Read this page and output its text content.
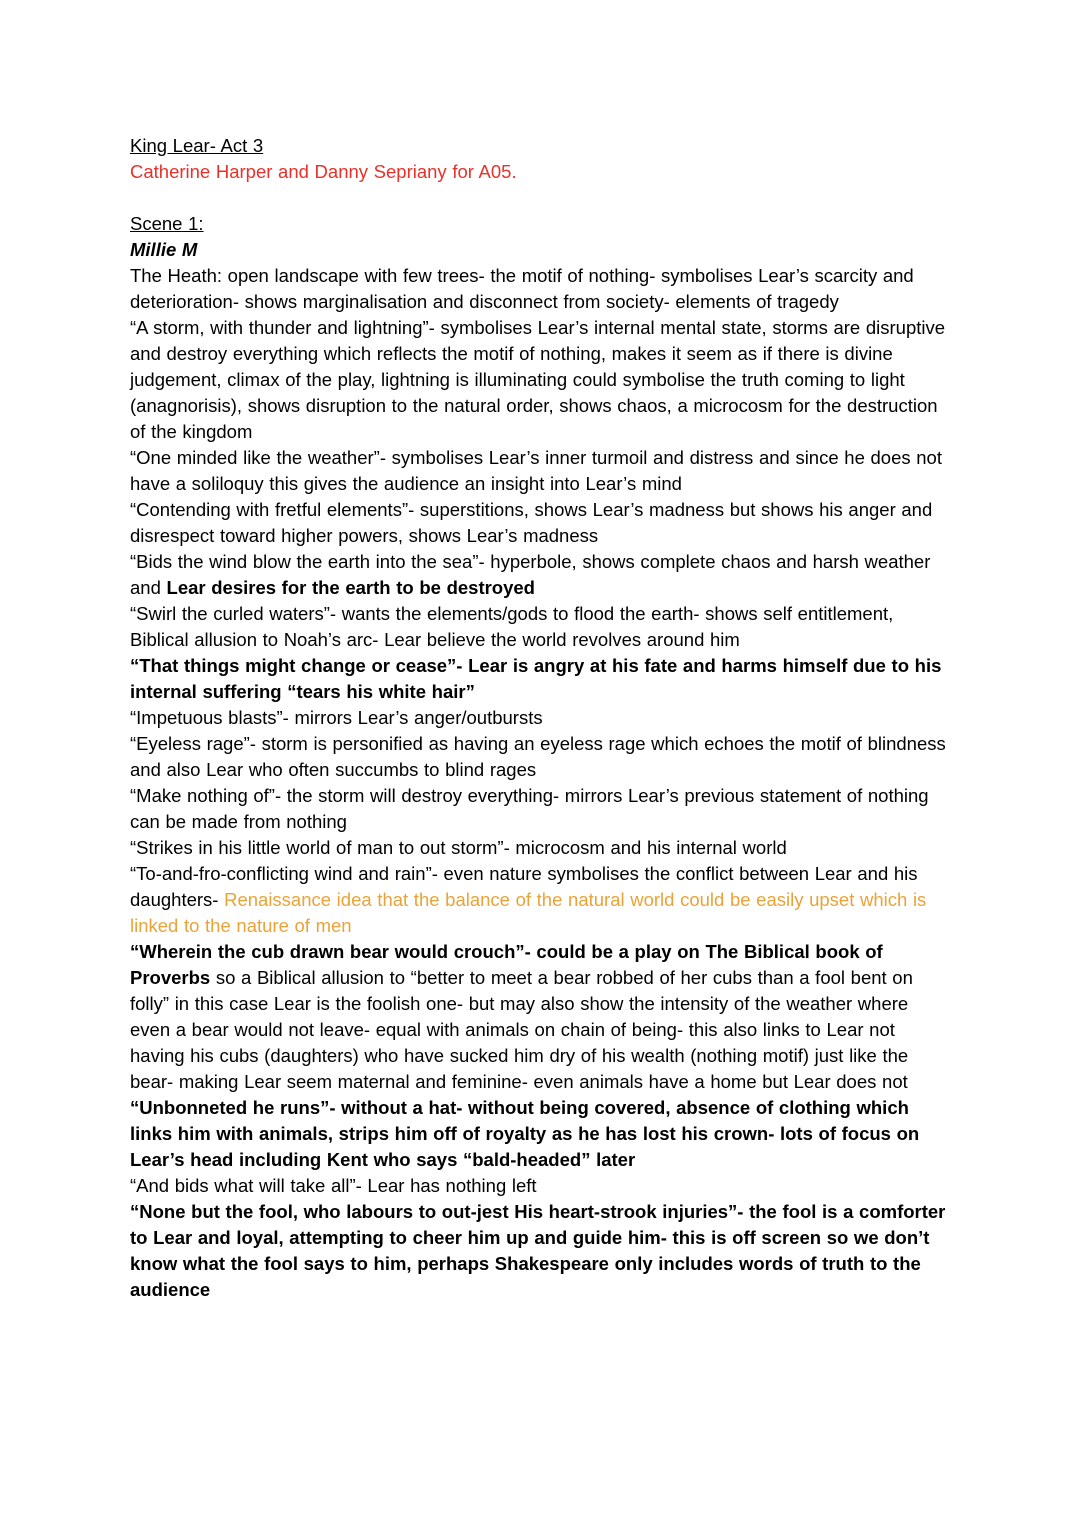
King Lear- Act 3

Catherine Harper and Danny Sepriany for A05.

Scene 1:

Millie M

The Heath: open landscape with few trees- the motif of nothing- symbolises Lear’s scarcity and deterioration- shows marginalisation and disconnect from society- elements of tragedy

“A storm, with thunder and lightning”- symbolises Lear’s internal mental state, storms are disruptive and destroy everything which reflects the motif of nothing, makes it seem as if there is divine judgement, climax of the play, lightning is illuminating could symbolise the truth coming to light (anagnorisis), shows disruption to the natural order, shows chaos, a microcosm for the destruction of the kingdom

“One minded like the weather”- symbolises Lear’s inner turmoil and distress and since he does not have a soliloquy this gives the audience an insight into Lear’s mind

“Contending with fretful elements”- superstitions, shows Lear’s madness but shows his anger and disrespect toward higher powers, shows Lear’s madness

“Bids the wind blow the earth into the sea”- hyperbole, shows complete chaos and harsh weather and Lear desires for the earth to be destroyed

“Swirl the curled waters”- wants the elements/gods to flood the earth- shows self entitlement, Biblical allusion to Noah’s arc- Lear believe the world revolves around him

“That things might change or cease”- Lear is angry at his fate and harms himself due to his internal suffering “tears his white hair”

“Impetuous blasts”- mirrors Lear’s anger/outbursts

“Eyeless rage”- storm is personified as having an eyeless rage which echoes the motif of blindness and also Lear who often succumbs to blind rages

“Make nothing of”- the storm will destroy everything- mirrors Lear’s previous statement of nothing can be made from nothing

“Strikes in his little world of man to out storm”- microcosm and his internal world

“To-and-fro-conflicting wind and rain”- even nature symbolises the conflict between Lear and his daughters- Renaissance idea that the balance of the natural world could be easily upset which is linked to the nature of men

“Wherein the cub drawn bear would crouch”- could be a play on The Biblical book of Proverbs so a Biblical allusion to “better to meet a bear robbed of her cubs than a fool bent on folly” in this case Lear is the foolish one- but may also show the intensity of the weather where even a bear would not leave- equal with animals on chain of being- this also links to Lear not having his cubs (daughters) who have sucked him dry of his wealth (nothing motif) just like the bear- making Lear seem maternal and feminine- even animals have a home but Lear does not

“Unbonneted he runs”- without a hat- without being covered, absence of clothing which links him with animals, strips him off of royalty as he has lost his crown- lots of focus on Lear’s head including Kent who says “bald-headed” later

“And bids what will take all”- Lear has nothing left

“None but the fool, who labours to out-jest His heart-strook injuries”- the fool is a comforter to Lear and loyal, attempting to cheer him up and guide him- this is off screen so we don’t know what the fool says to him, perhaps Shakespeare only includes words of truth to the audience
